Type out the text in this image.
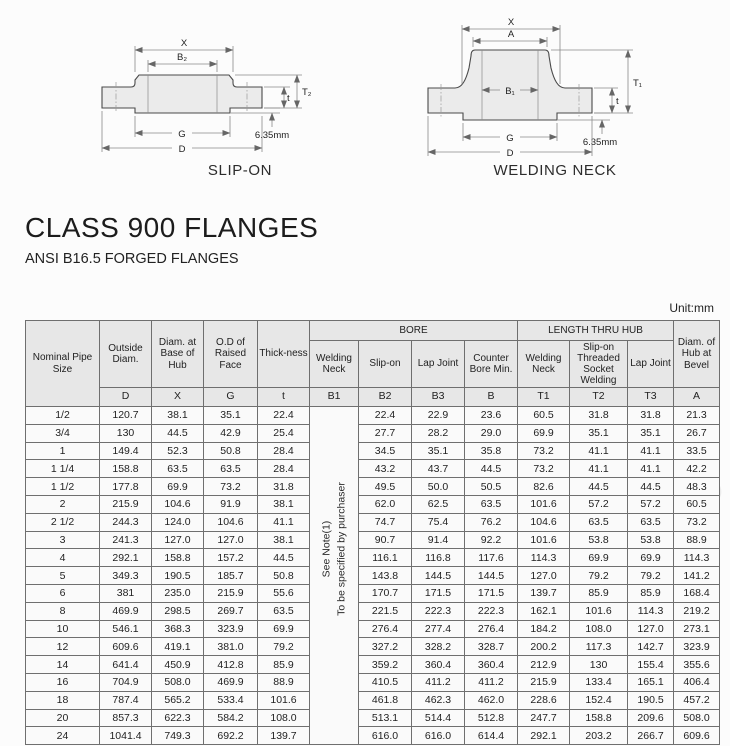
X
B₂
T₂
t
6.35mm
G
D
X
A
B₁
T₁
t
6.35mm
G
D
SLIP-ON	WELDING NECK
CLASS 900 FLANGES
ANSI B16.5 FORGED FLANGES
Unit:mm
Nominal Pipe Size	Outside Diam.	Diam. at Base of Hub	O.D of Raised Face	Thick-ness	BORE				LENGTH THRU HUB			Diam. of Hub at Bevel
					Welding Neck	Slip-on	Lap Joint	Counter Bore Min.	Welding Neck	Slip-on Threaded Socket Welding	Lap Joint	
	D	X	G	t	B1	B2	B3	B	T1	T2	T3	A
1/2	120.7	38.1	35.1	22.4	See Note(1) To be specified by purchaser	22.4	22.9	23.6	60.5	31.8	31.8	21.3
3/4	130	44.5	42.9	25.4		27.7	28.2	29.0	69.9	35.1	35.1	26.7
1	149.4	52.3	50.8	28.4		34.5	35.1	35.8	73.2	41.1	41.1	33.5
1 1/4	158.8	63.5	63.5	28.4		43.2	43.7	44.5	73.2	41.1	41.1	42.2
1 1/2	177.8	69.9	73.2	31.8		49.5	50.0	50.5	82.6	44.5	44.5	48.3
2	215.9	104.6	91.9	38.1		62.0	62.5	63.5	101.6	57.2	57.2	60.5
2 1/2	244.3	124.0	104.6	41.1		74.7	75.4	76.2	104.6	63.5	63.5	73.2
3	241.3	127.0	127.0	38.1		90.7	91.4	92.2	101.6	53.8	53.8	88.9
4	292.1	158.8	157.2	44.5		116.1	116.8	117.6	114.3	69.9	69.9	114.3
5	349.3	190.5	185.7	50.8		143.8	144.5	144.5	127.0	79.2	79.2	141.2
6	381	235.0	215.9	55.6		170.7	171.5	171.5	139.7	85.9	85.9	168.4
8	469.9	298.5	269.7	63.5		221.5	222.3	222.3	162.1	101.6	114.3	219.2
10	546.1	368.3	323.9	69.9		276.4	277.4	276.4	184.2	108.0	127.0	273.1
12	609.6	419.1	381.0	79.2		327.2	328.2	328.7	200.2	117.3	142.7	323.9
14	641.4	450.9	412.8	85.9		359.2	360.4	360.4	212.9	130	155.4	355.6
16	704.9	508.0	469.9	88.9		410.5	411.2	411.2	215.9	133.4	165.1	406.4
18	787.4	565.2	533.4	101.6		461.8	462.3	462.0	228.6	152.4	190.5	457.2
20	857.3	622.3	584.2	108.0		513.1	514.4	512.8	247.7	158.8	209.6	508.0
24	1041.4	749.3	692.2	139.7		616.0	616.0	614.4	292.1	203.2	266.7	609.6
